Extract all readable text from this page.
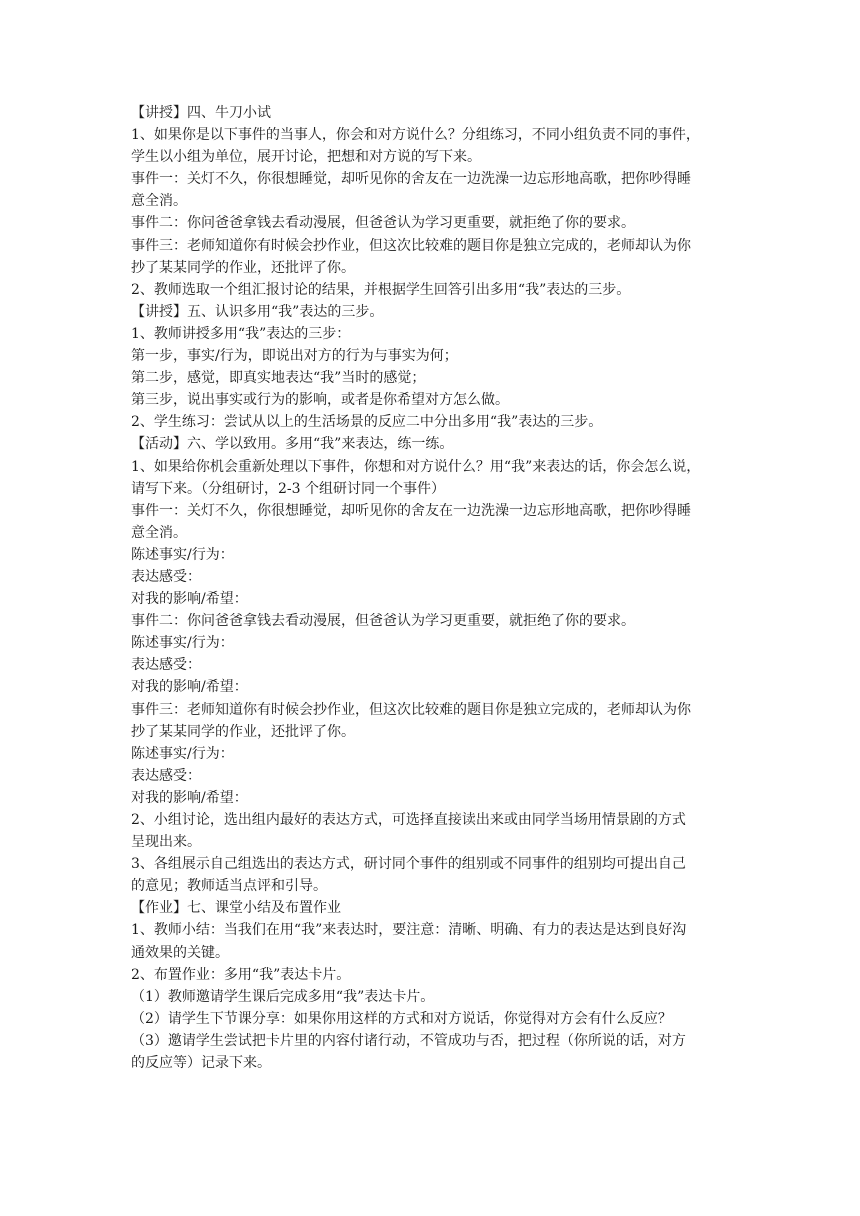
【讲授】四、牛刀小试
1、如果你是以下事件的当事人，你会和对方说什么？分组练习，不同小组负责不同的事件，
学生以小组为单位，展开讨论，把想和对方说的写下来。
事件一：关灯不久，你很想睡觉，却听见你的舍友在一边洗澡一边忘形地高歌，把你吵得睡
意全消。
事件二：你问爸爸拿钱去看动漫展，但爸爸认为学习更重要，就拒绝了你的要求。
事件三：老师知道你有时候会抄作业，但这次比较难的题目你是独立完成的，老师却认为你
抄了某某同学的作业，还批评了你。
2、教师选取一个组汇报讨论的结果，并根据学生回答引出多用“我”表达的三步。
【讲授】五、认识多用“我”表达的三步。
1、教师讲授多用“我”表达的三步：
第一步，事实/行为，即说出对方的行为与事实为何；
第二步，感觉，即真实地表达“我”当时的感觉；
第三步，说出事实或行为的影响，或者是你希望对方怎么做。
2、学生练习：尝试从以上的生活场景的反应二中分出多用“我”表达的三步。
【活动】六、学以致用。多用“我”来表达，练一练。
1、如果给你机会重新处理以下事件，你想和对方说什么？用“我”来表达的话，你会怎么说，
请写下来。（分组研讨，2-3 个组研讨同一个事件）
事件一：关灯不久，你很想睡觉，却听见你的舍友在一边洗澡一边忘形地高歌，把你吵得睡
意全消。
陈述事实/行为：
表达感受：
对我的影响/希望：
事件二：你问爸爸拿钱去看动漫展，但爸爸认为学习更重要，就拒绝了你的要求。
陈述事实/行为：
表达感受：
对我的影响/希望：
事件三：老师知道你有时候会抄作业，但这次比较难的题目你是独立完成的，老师却认为你
抄了某某同学的作业，还批评了你。
陈述事实/行为：
表达感受：
对我的影响/希望：
2、小组讨论，选出组内最好的表达方式，可选择直接读出来或由同学当场用情景剧的方式
呈现出来。
3、各组展示自己组选出的表达方式，研讨同个事件的组别或不同事件的组别均可提出自己
的意见；教师适当点评和引导。
【作业】七、课堂小结及布置作业
1、教师小结：当我们在用“我”来表达时，要注意：清晰、明确、有力的表达是达到良好沟
通效果的关键。
2、布置作业：多用“我”表达卡片。
（1）教师邀请学生课后完成多用“我”表达卡片。
（2）请学生下节课分享：如果你用这样的方式和对方说话，你觉得对方会有什么反应？
（3）邀请学生尝试把卡片里的内容付诸行动，不管成功与否，把过程（你所说的话，对方
的反应等）记录下来。
